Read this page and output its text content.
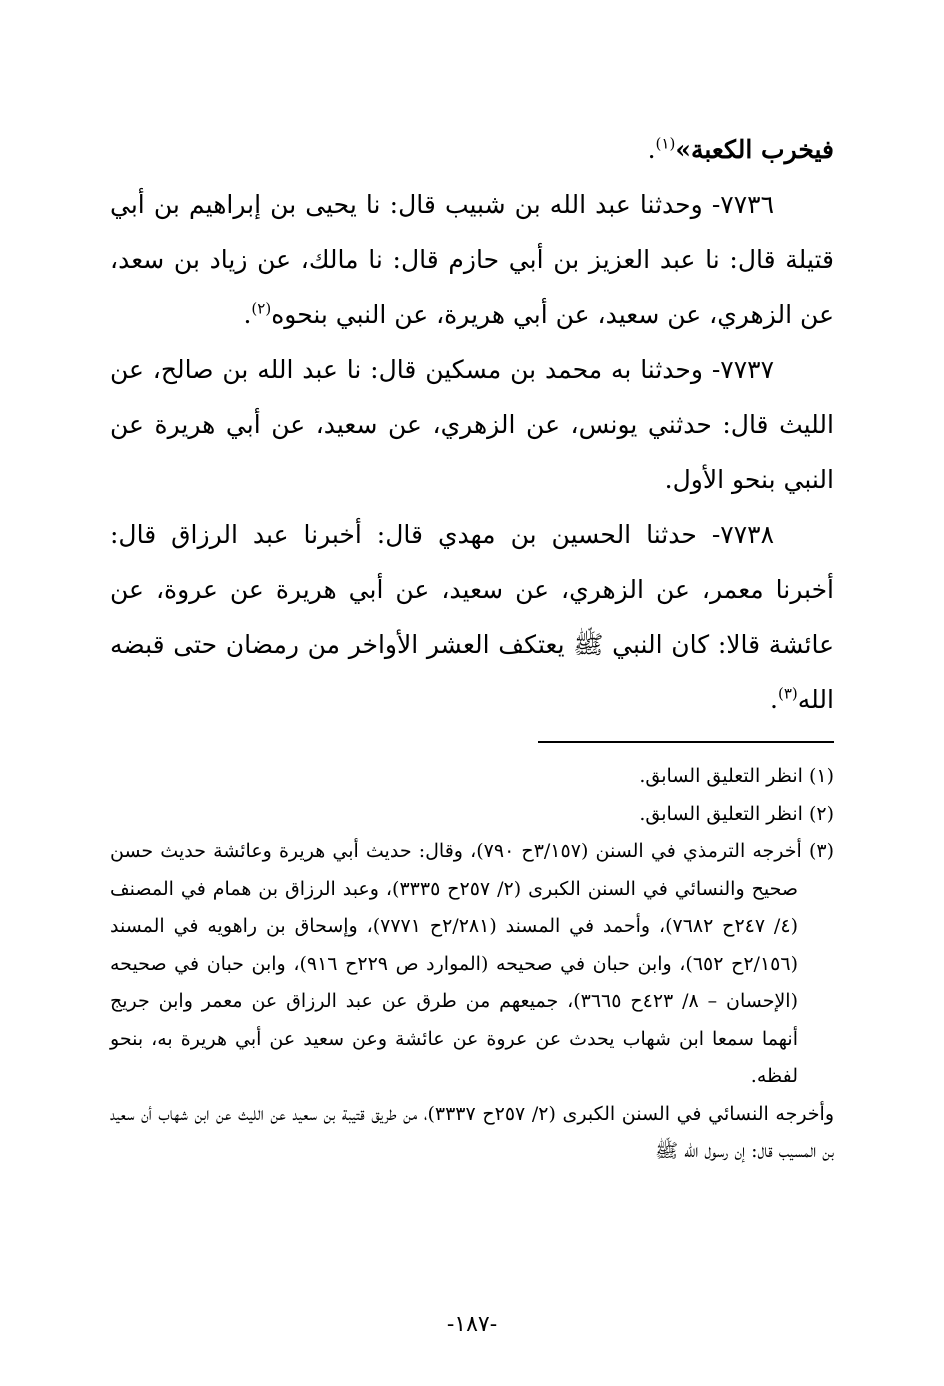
فيخرب الكعبة»$^{(١)}$.

٧٧٣٦- وحدثنا عبد الله بن شبيب قال: نا يحيى بن إبراهيم بن أبي قتيلة قال: نا عبد العزيز بن أبي حازم قال: نا مالك، عن زياد بن سعد، عن الزهري، عن سعيد، عن أبي هريرة، عن النبي بنحوه$^{(٢)}$.

٧٧٣٧- وحدثنا به محمد بن مسكين قال: نا عبد الله بن صالح، عن الليث قال: حدثني يونس، عن الزهري، عن سعيد، عن أبي هريرة عن النبي بنحو الأول.

٧٧٣٨- حدثنا الحسين بن مهدي قال: أخبرنا عبد الرزاق قال: أخبرنا معمر، عن الزهري، عن سعيد، عن أبي هريرة عن عروة، عن عائشة قالا: كان النبي ﷺ يعتكف العشر الأواخر من رمضان حتى قبضه الله$^{(٣)}$.

(١) انظر التعليق السابق.

(٢) انظر التعليق السابق.

(٣) أخرجه الترمذي في السنن (٣/١٥٧ح ٧٩٠)، وقال: حديث أبي هريرة وعائشة حديث حسن صحيح والنسائي في السنن الكبرى (٢/ ٢٥٧ح ٣٣٣٥)، وعبد الرزاق بن همام في المصنف (٤/ ٢٤٧ح ٧٦٨٢)، وأحمد في المسند (٢/٢٨١ح ٧٧٧١)، وإسحاق بن راهويه في المسند (٢/١٥٦ح ٦٥٢)، وابن حبان في صحيحه (الموارد ص ٢٢٩ح ٩١٦)، وابن حبان في صحيحه (الإحسان – ٨/ ٤٢٣ح ٣٦٦٥)، جميعهم من طرق عن عبد الرزاق عن معمر وابن جريج أنهما سمعا ابن شهاب يحدث عن عروة عن عائشة وعن سعيد عن أبي هريرة به، بنحو لفظه.

وأخرجه النسائي في السنن الكبرى (٢/ ٢٥٧ح ٣٣٣٧)، من طريق قتيبة بن سعيد عن الليث عن ابن شهاب أن سعيد بن المسيب قال: إن رسول الله ﷺ

-١٨٧-
